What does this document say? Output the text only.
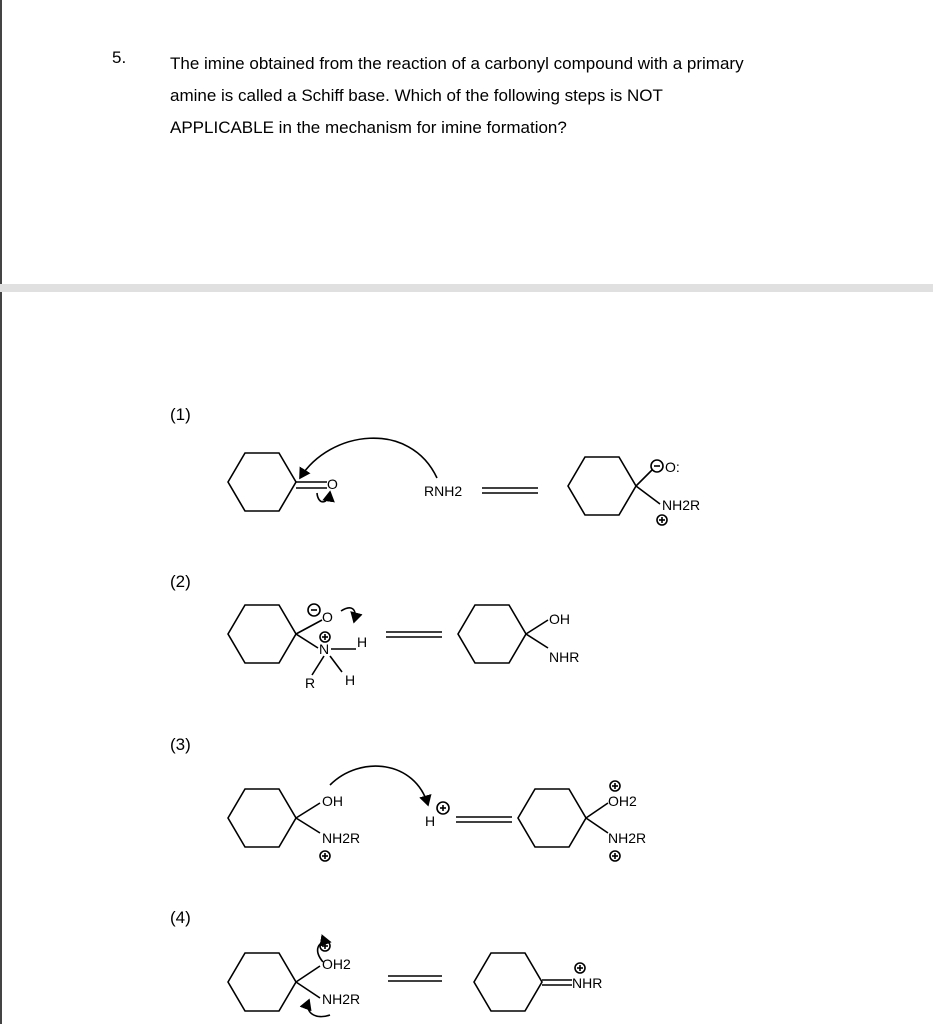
5.	The imine obtained from the reaction of a carbonyl compound with a primary
amine is called a Schiff base. Which of the following steps is NOT
APPLICABLE in the mechanism for imine formation?
(1)
(2)
(3)
(4)
O	RNH2
O:
NH2R
O
N H
H
R
OH
NHR
OH
NH2R
H
OH2
NH2R
OH2
NH2R
NHR
